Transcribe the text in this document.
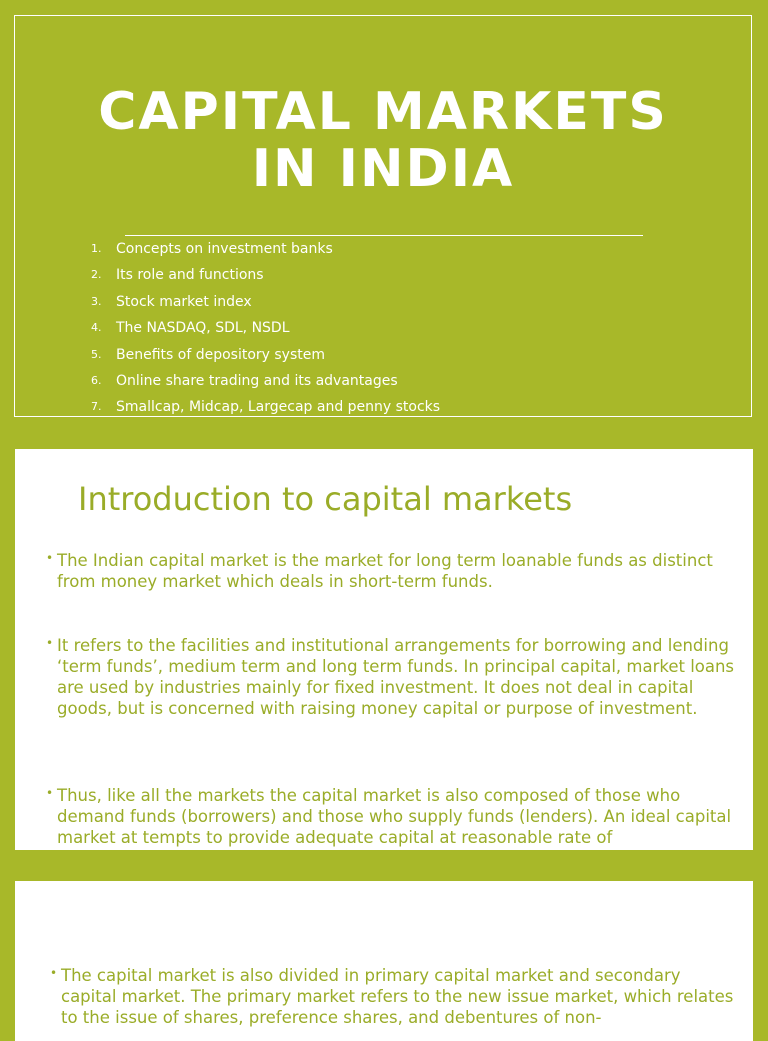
CAPITAL MARKETS
IN INDIA
1. Concepts on investment banks
2. Its role and functions
3. Stock market index
4. The NASDAQ, SDL, NSDL
5. Benefits of depository system
6. Online share trading and its advantages
7. Smallcap, Midcap, Largecap and penny stocks
Introduction to capital markets
• The Indian capital market is the market for long term loanable funds as distinct from money market which deals in short-term funds.
• It refers to the facilities and institutional arrangements for borrowing and lending ‘term funds’, medium term and long term funds. In principal capital, market loans are used by industries mainly for fixed investment. It does not deal in capital goods, but is concerned with raising money capital or purpose of investment.
• Thus, like all the markets the capital market is also composed of those who demand funds (borrowers) and those who supply funds (lenders). An ideal capital market at tempts to provide adequate capital at reasonable rate of
• The capital market is also divided in primary capital market and secondary capital market. The primary market refers to the new issue market, which relates to the issue of shares, preference shares, and debentures of non-
